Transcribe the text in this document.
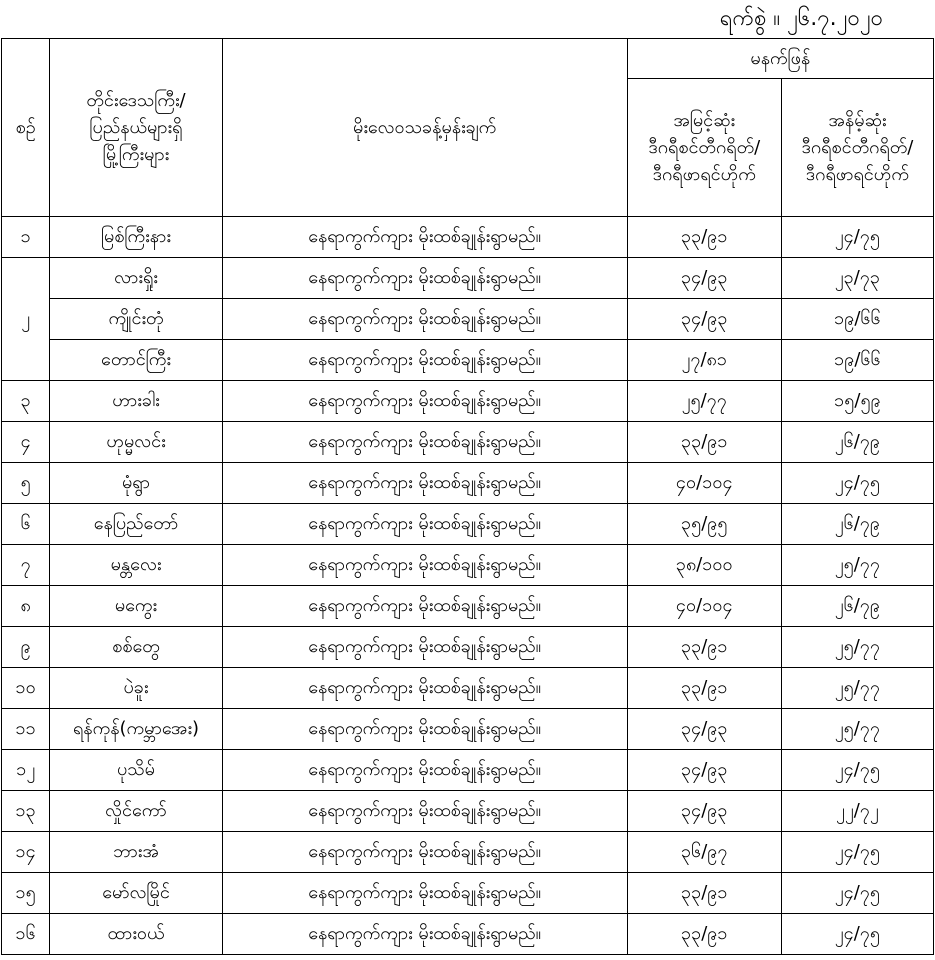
ရက်စွဲ ။ ၂၆.၇.၂၀၂၀
စဉ်	တိုင်းဒေသကြီး/
ပြည်နယ်များရှိ
မြို့ကြီးများ	မိုးလေဝသခန့်မှန်းချက်	မနက်ဖြန်	
			အမြင့်ဆုံး
ဒီဂရီစင်တီဂရိတ်/
ဒီဂရီဖာရင်ဟိုက်	အနိမ့်ဆုံး
ဒီဂရီစင်တီဂရိတ်/
ဒီဂရီဖာရင်ဟိုက်
၁	မြစ်ကြီးနား	နေရာကွက်ကျား မိုးထစ်ချုန်းရွာမည်။	၃၃/၉၁	၂၄/၇၅
၂	လားရှိုး	နေရာကွက်ကျား မိုးထစ်ချုန်းရွာမည်။	၃၄/၉၃	၂၃/၇၃
	ကျိုင်းတုံ	နေရာကွက်ကျား မိုးထစ်ချုန်းရွာမည်။	၃၄/၉၃	၁၉/၆၆
	တောင်ကြီး	နေရာကွက်ကျား မိုးထစ်ချုန်းရွာမည်။	၂၇/၈၁	၁၉/၆၆
၃	ဟားခါး	နေရာကွက်ကျား မိုးထစ်ချုန်းရွာမည်။	၂၅/၇၇	၁၅/၅၉
၄	ဟုမ္မလင်း	နေရာကွက်ကျား မိုးထစ်ချုန်းရွာမည်။	၃၃/၉၁	၂၆/၇၉
၅	မုံရွာ	နေရာကွက်ကျား မိုးထစ်ချုန်းရွာမည်။	၄၀/၁၀၄	၂၄/၇၅
၆	နေပြည်တော်	နေရာကွက်ကျား မိုးထစ်ချုန်းရွာမည်။	၃၅/၉၅	၂၆/၇၉
၇	မန္တလေး	နေရာကွက်ကျား မိုးထစ်ချုန်းရွာမည်။	၃၈/၁၀၀	၂၅/၇၇
၈	မကွေး	နေရာကွက်ကျား မိုးထစ်ချုန်းရွာမည်။	၄၀/၁၀၄	၂၆/၇၉
၉	စစ်တွေ	နေရာကွက်ကျား မိုးထစ်ချုန်းရွာမည်။	၃၃/၉၁	၂၅/၇၇
၁၀	ပဲခူး	နေရာကွက်ကျား မိုးထစ်ချုန်းရွာမည်။	၃၃/၉၁	၂၅/၇၇
၁၁	ရန်ကုန်(ကမ္ဘာအေး)	နေရာကွက်ကျား မိုးထစ်ချုန်းရွာမည်။	၃၄/၉၃	၂၅/၇၇
၁၂	ပုသိမ်	နေရာကွက်ကျား မိုးထစ်ချုန်းရွာမည်။	၃၄/၉၃	၂၄/၇၅
၁၃	လှိုင်ကော်	နေရာကွက်ကျား မိုးထစ်ချုန်းရွာမည်။	၃၄/၉၃	၂၂/၇၂
၁၄	ဘားအံ	နေရာကွက်ကျား မိုးထစ်ချုန်းရွာမည်။	၃၆/၉၇	၂၄/၇၅
၁၅	မော်လမြိုင်	နေရာကွက်ကျား မိုးထစ်ချုန်းရွာမည်။	၃၃/၉၁	၂၄/၇၅
၁၆	ထားဝယ်	နေရာကွက်ကျား မိုးထစ်ချုန်းရွာမည်။	၃၃/၉၁	၂၄/၇၅
